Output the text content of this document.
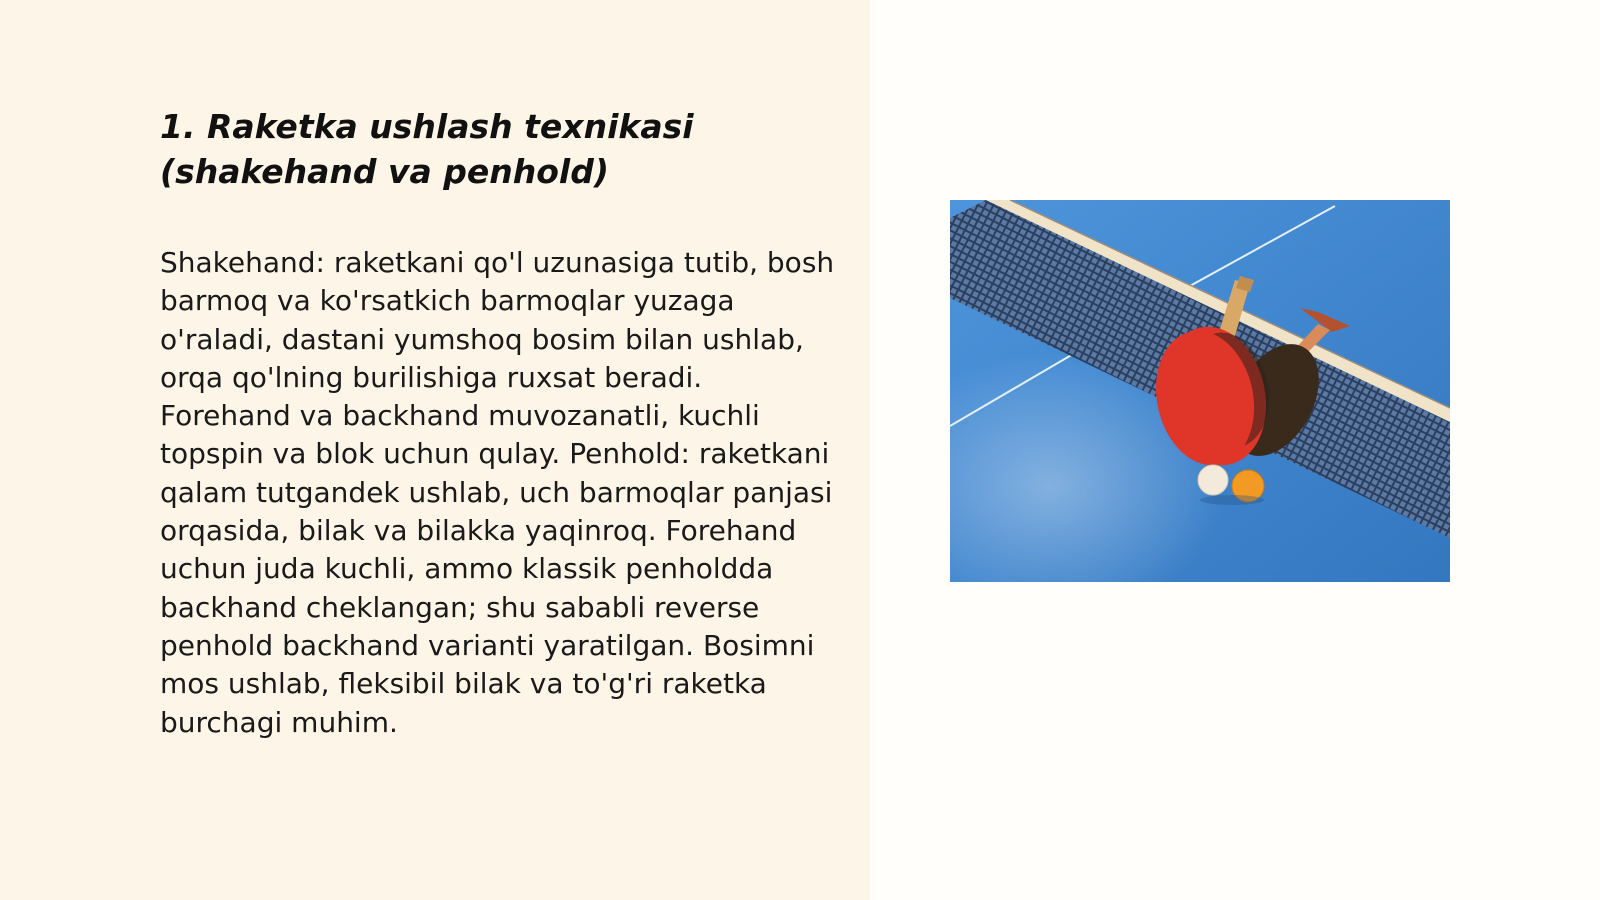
1. Raketka ushlash texnikasi (shakehand va penhold)

Shakehand: raketkani qo'l uzunasiga tutib, bosh barmoq va ko'rsatkich barmoqlar yuzaga o'raladi, dastani yumshoq bosim bilan ushlab, orqa qo'lning burilishiga ruxsat beradi. Forehand va backhand muvozanatli, kuchli topspin va blok uchun qulay. Penhold: raketkani qalam tutgandek ushlab, uch barmoqlar panjasi orqasida, bilak va bilakka yaqinroq. Forehand uchun juda kuchli, ammo klassik penholdda backhand cheklangan; shu sababli reverse penhold backhand varianti yaratilgan. Bosimni mos ushlab, fleksibil bilak va to'g'ri raketka burchagi muhim.
